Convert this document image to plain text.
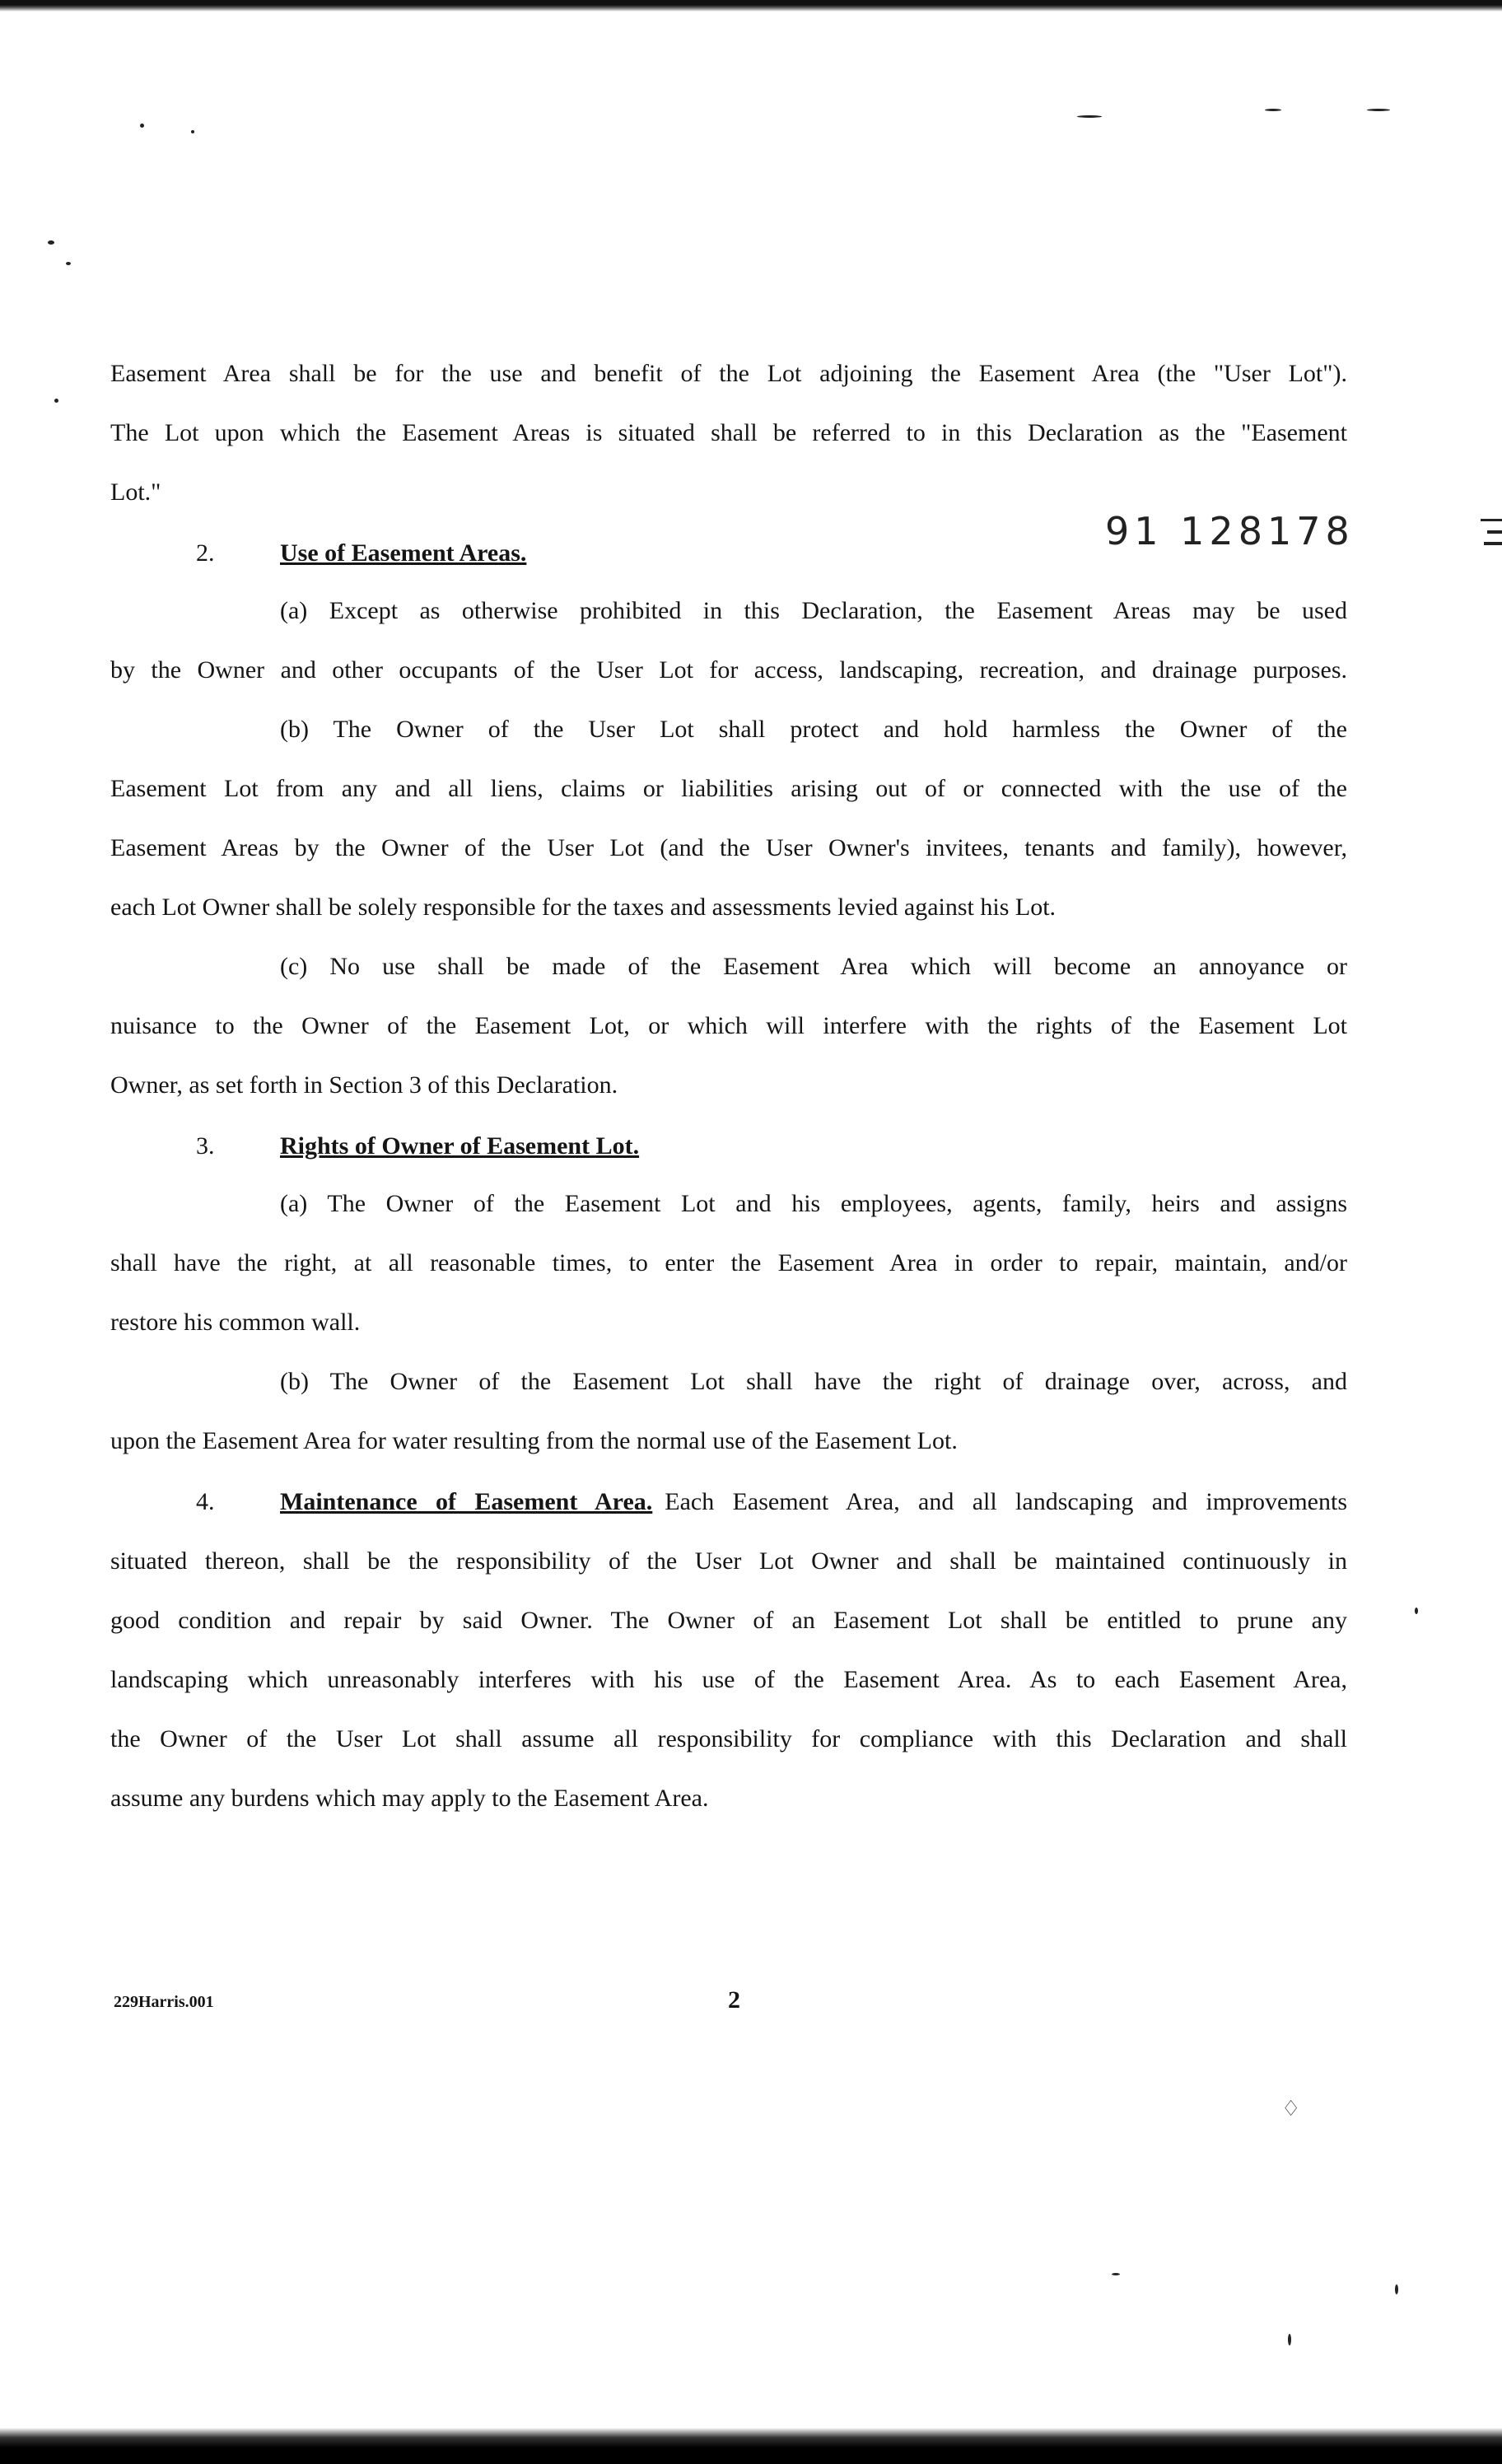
♢

Easement Area shall be for the use and benefit of the Lot adjoining the Easement Area (the "User Lot").

The Lot upon which the Easement Areas is situated shall be referred to in this Declaration as the "Easement

Lot."

91 128178
2.	Use of Easement Areas.

(a) Except as otherwise prohibited in this Declaration, the Easement Areas may be used

by the Owner and other occupants of the User Lot for access, landscaping, recreation, and drainage purposes.

(b) The Owner of the User Lot shall protect and hold harmless the Owner of the

Easement Lot from any and all liens, claims or liabilities arising out of or connected with the use of the

Easement Areas by the Owner of the User Lot (and the User Owner's invitees, tenants and family), however,

each Lot Owner shall be solely responsible for the taxes and assessments levied against his Lot.

(c) No use shall be made of the Easement Area which will become an annoyance or

nuisance to the Owner of the Easement Lot, or which will interfere with the rights of the Easement Lot

Owner, as set forth in Section 3 of this Declaration.

3.	Rights of Owner of Easement Lot.

(a) The Owner of the Easement Lot and his employees, agents, family, heirs and assigns

shall have the right, at all reasonable times, to enter the Easement Area in order to repair, maintain, and/or

restore his common wall.

(b) The Owner of the Easement Lot shall have the right of drainage over, across, and

upon the Easement Area for water resulting from the normal use of the Easement Lot.

4.	Maintenance of Easement Area.  Each Easement Area, and all landscaping and improvements

situated thereon, shall be the responsibility of the User Lot Owner and shall be maintained continuously in

good condition and repair by said Owner. The Owner of an Easement Lot shall be entitled to prune any

landscaping which unreasonably interferes with his use of the Easement Area. As to each Easement Area,

the Owner of the User Lot shall assume all responsibility for compliance with this Declaration and shall

assume any burdens which may apply to the Easement Area.

229Harris.001	2
